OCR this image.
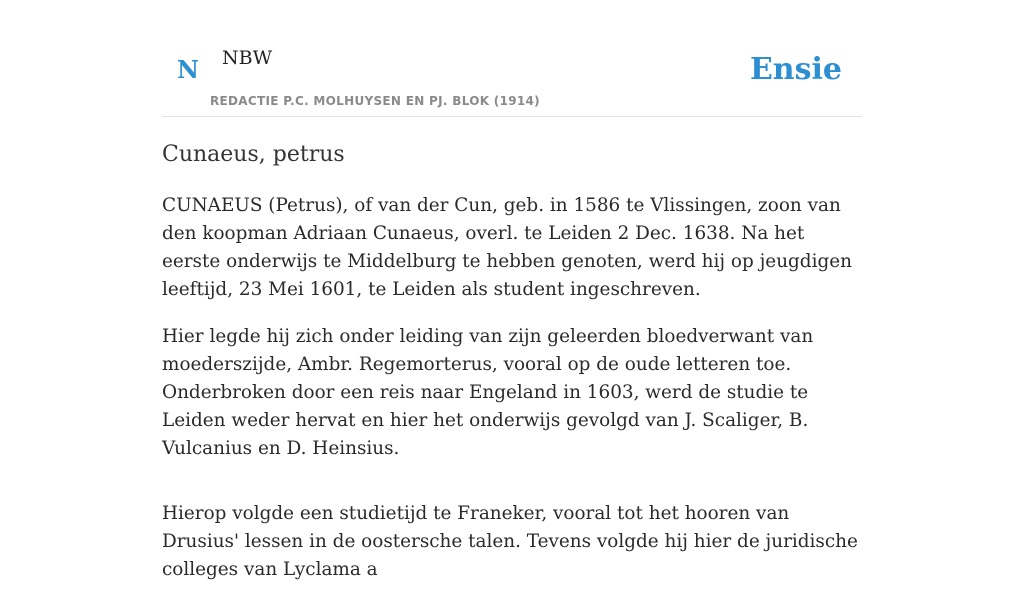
N NBW
REDACTIE P.C. MOLHUYSEN EN PJ. BLOK (1914)
Ensie
Cunaeus, petrus

CUNAEUS (Petrus), of van der Cun, geb. in 1586 te Vlissingen, zoon van den koopman Adriaan Cunaeus, overl. te Leiden 2 Dec. 1638. Na het eerste onderwijs te Middelburg te hebben genoten, werd hij op jeugdigen leeftijd, 23 Mei 1601, te Leiden als student ingeschreven.

Hier legde hij zich onder leiding van zijn geleerden bloedverwant van moederszijde, Ambr. Regemorterus, vooral op de oude letteren toe. Onderbroken door een reis naar Engeland in 1603, werd de studie te Leiden weder hervat en hier het onderwijs gevolgd van J. Scaliger, B. Vulcanius en D. Heinsius.

Hierop volgde een studietijd te Franeker, vooral tot het hooren van Drusius' lessen in de oostersche talen. Tevens volgde hij hier de juridische colleges van Lyclama a
